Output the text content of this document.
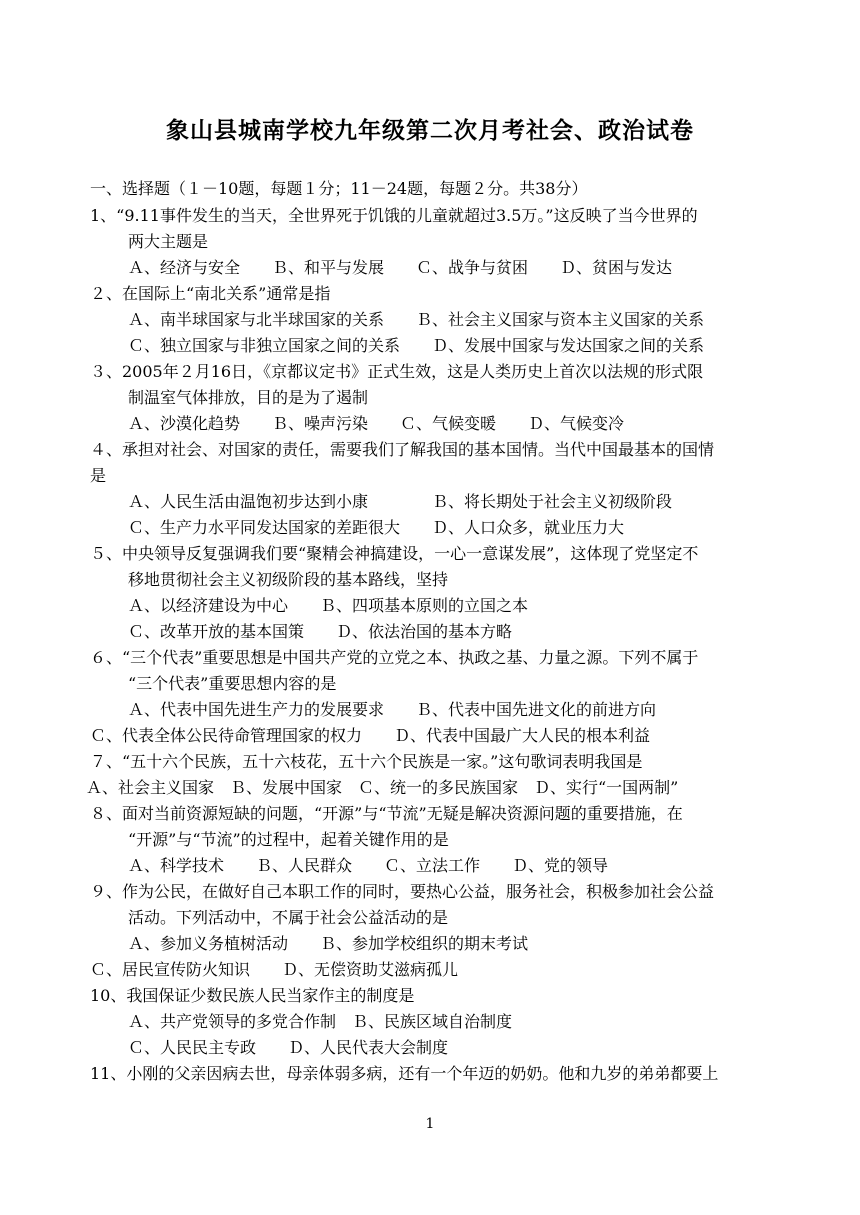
象山县城南学校九年级第二次月考社会、政治试卷
一、选择题（１－10题，每题１分；11－24题，每题２分。共38分）
1、“9.11事件发生的当天，全世界死于饥饿的儿童就超过3.5万。”这反映了当今世界的
两大主题是
Ａ、经济与安全　　Ｂ、和平与发展　　Ｃ、战争与贫困　　Ｄ、贫困与发达
２、在国际上“南北关系”通常是指
Ａ、南半球国家与北半球国家的关系　　Ｂ、社会主义国家与资本主义国家的关系
Ｃ、独立国家与非独立国家之间的关系　　Ｄ、发展中国家与发达国家之间的关系
３、2005年２月16日，《京都议定书》正式生效，这是人类历史上首次以法规的形式限
制温室气体排放，目的是为了遏制
Ａ、沙漠化趋势　　Ｂ、噪声污染　　Ｃ、气候变暖　　Ｄ、气候变冷
４、承担对社会、对国家的责任，需要我们了解我国的基本国情。当代中国最基本的国情
是
Ａ、人民生活由温饱初步达到小康　　　　Ｂ、将长期处于社会主义初级阶段
Ｃ、生产力水平同发达国家的差距很大　　Ｄ、人口众多，就业压力大
５、中央领导反复强调我们要“聚精会神搞建设，一心一意谋发展”，这体现了党坚定不
移地贯彻社会主义初级阶段的基本路线，坚持
Ａ、以经济建设为中心　　Ｂ、四项基本原则的立国之本
Ｃ、改革开放的基本国策　　Ｄ、依法治国的基本方略
６、“三个代表”重要思想是中国共产党的立党之本、执政之基、力量之源。下列不属于
“三个代表”重要思想内容的是
Ａ、代表中国先进生产力的发展要求　　Ｂ、代表中国先进文化的前进方向
Ｃ、代表全体公民待命管理国家的权力　　Ｄ、代表中国最广大人民的根本利益
７、“五十六个民族，五十六枝花，五十六个民族是一家。”这句歌词表明我国是
Ａ、社会主义国家　Ｂ、发展中国家　Ｃ、统一的多民族国家　Ｄ、实行“一国两制”
８、面对当前资源短缺的问题，“开源”与“节流”无疑是解决资源问题的重要措施，在
“开源”与“节流”的过程中，起着关键作用的是
Ａ、科学技术　　Ｂ、人民群众　　Ｃ、立法工作　　Ｄ、党的领导
９、作为公民，在做好自己本职工作的同时，要热心公益，服务社会，积极参加社会公益
活动。下列活动中，不属于社会公益活动的是
Ａ、参加义务植树活动　　Ｂ、参加学校组织的期末考试
Ｃ、居民宣传防火知识　　Ｄ、无偿资助艾滋病孤儿
10、我国保证少数民族人民当家作主的制度是
Ａ、共产党领导的多党合作制　Ｂ、民族区域自治制度
Ｃ、人民民主专政　　Ｄ、人民代表大会制度
11、小刚的父亲因病去世，母亲体弱多病，还有一个年迈的奶奶。他和九岁的弟弟都要上
1
